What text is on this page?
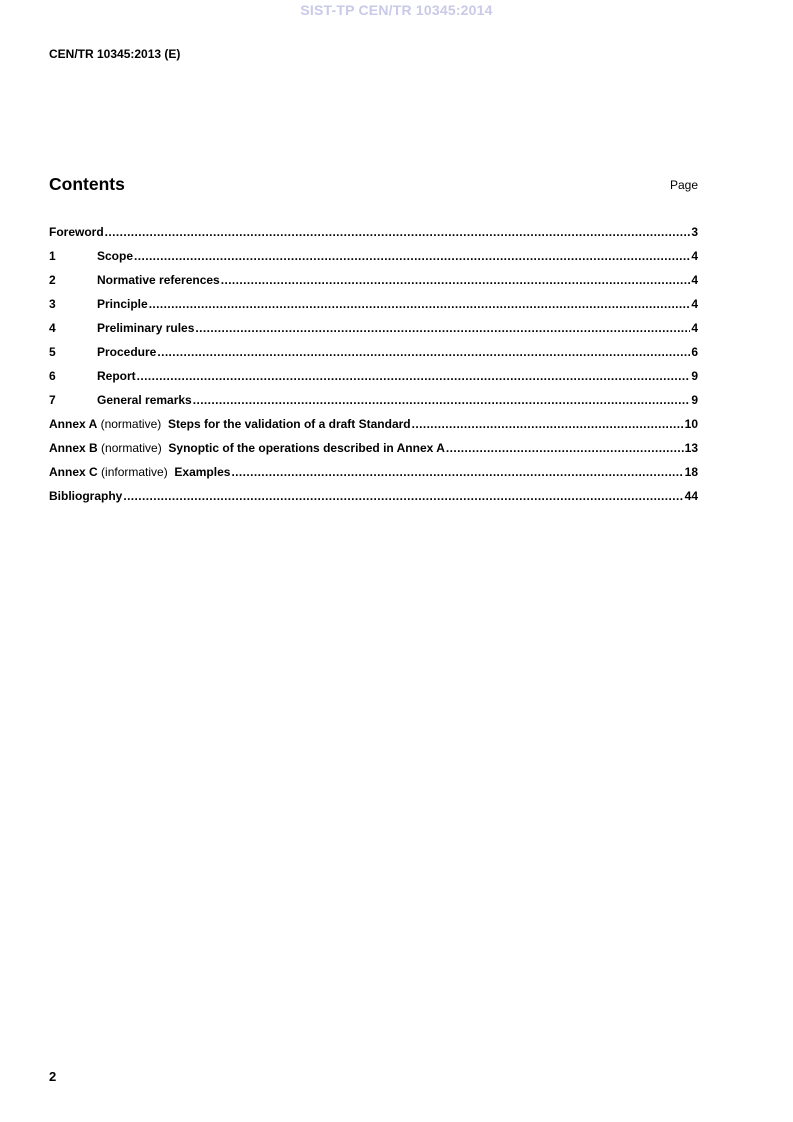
SIST-TP CEN/TR 10345:2014
CEN/TR 10345:2013 (E)
Contents	Page
Foreword .....	3
1	Scope .....	4
2	Normative references .....	4
3	Principle .....	4
4	Preliminary rules .....	4
5	Procedure .....	6
6	Report .....	9
7	General remarks .....	9
Annex A (normative) Steps for the validation of a draft Standard .....	10
Annex B (normative) Synoptic of the operations described in Annex A .....	13
Annex C (informative) Examples .....	18
Bibliography .....	44
2
